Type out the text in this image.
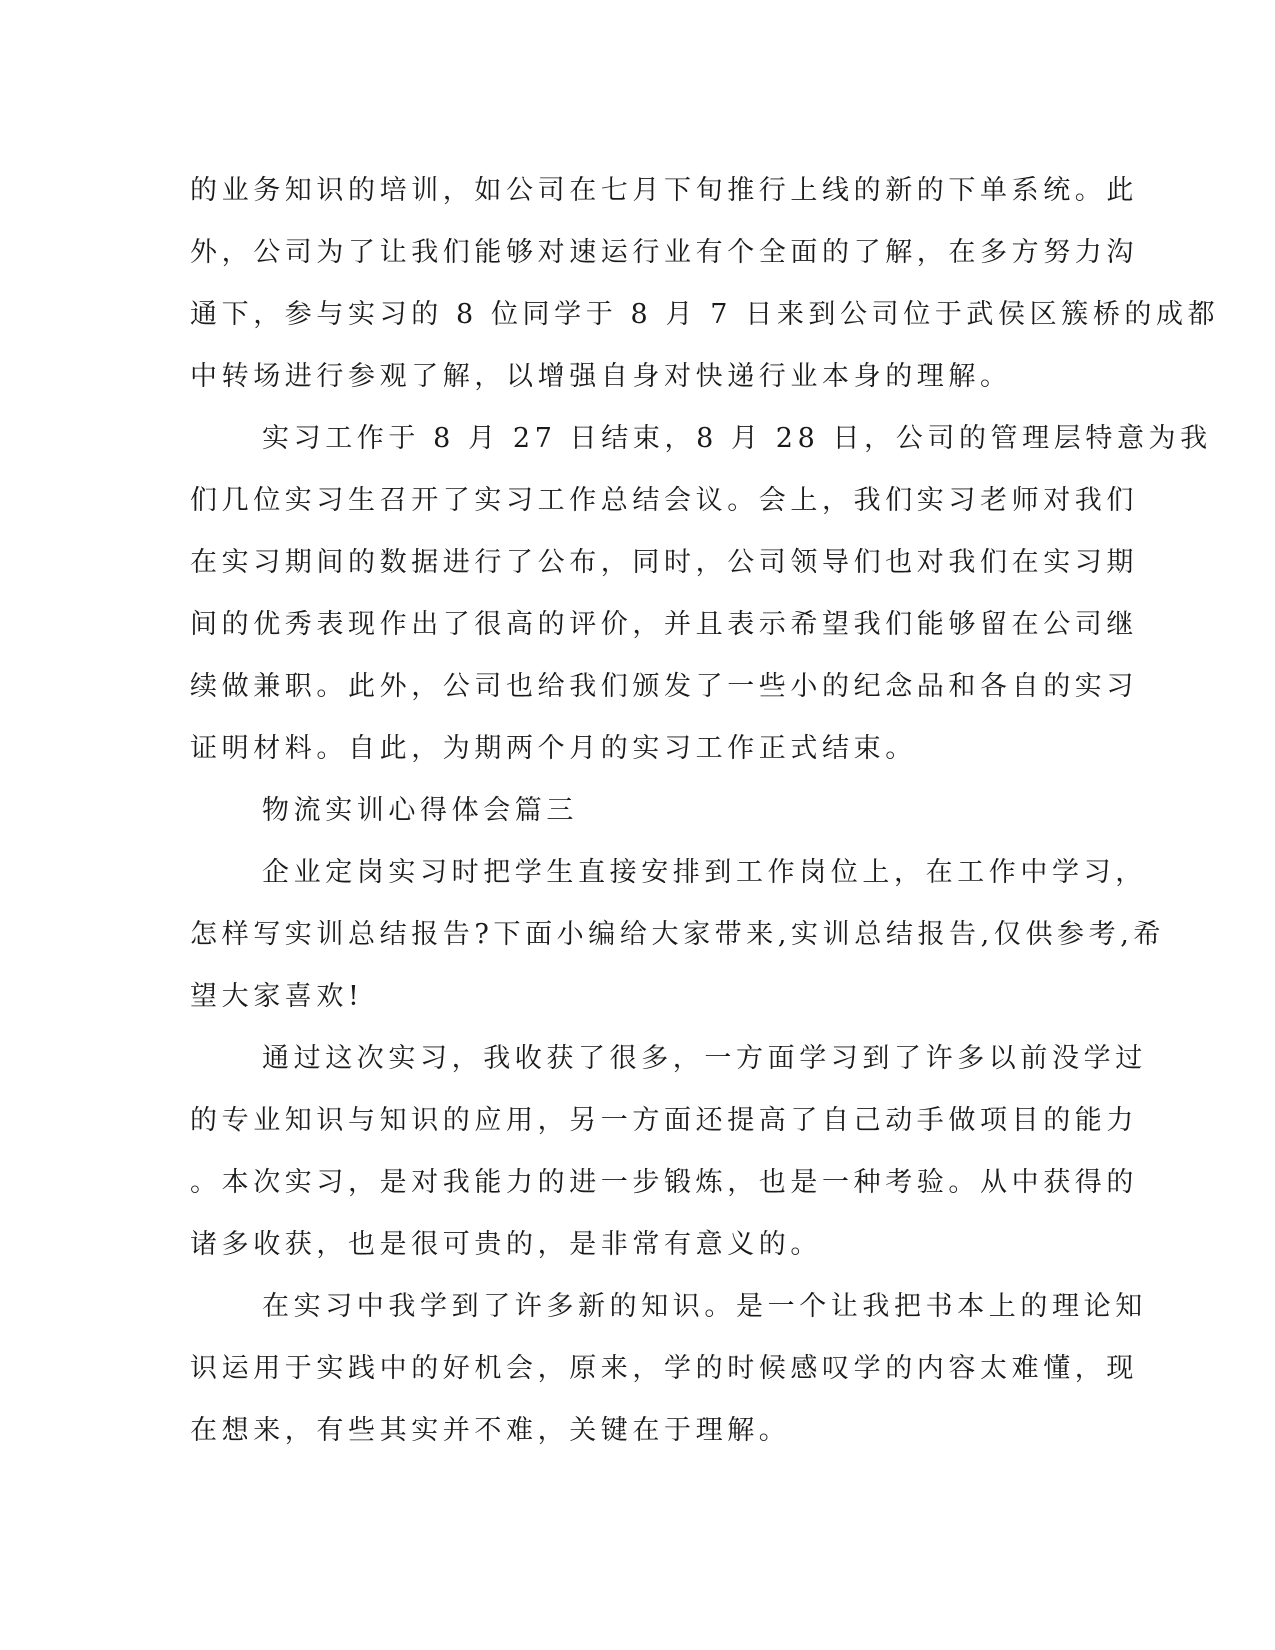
的业务知识的培训，如公司在七月下旬推行上线的新的下单系统。此
外，公司为了让我们能够对速运行业有个全面的了解，在多方努力沟
通下，参与实习的 8 位同学于 8 月 7 日来到公司位于武侯区簇桥的成都
中转场进行参观了解，以增强自身对快递行业本身的理解。
实习工作于 8 月 27 日结束，8 月 28 日，公司的管理层特意为我
们几位实习生召开了实习工作总结会议。会上，我们实习老师对我们
在实习期间的数据进行了公布，同时，公司领导们也对我们在实习期
间的优秀表现作出了很高的评价，并且表示希望我们能够留在公司继
续做兼职。此外，公司也给我们颁发了一些小的纪念品和各自的实习
证明材料。自此，为期两个月的实习工作正式结束。
物流实训心得体会篇三
企业定岗实习时把学生直接安排到工作岗位上，在工作中学习，
怎样写实训总结报告?下面小编给大家带来,实训总结报告,仅供参考,希
望大家喜欢!
通过这次实习，我收获了很多，一方面学习到了许多以前没学过
的专业知识与知识的应用，另一方面还提高了自己动手做项目的能力
。本次实习，是对我能力的进一步锻炼，也是一种考验。从中获得的
诸多收获，也是很可贵的，是非常有意义的。
在实习中我学到了许多新的知识。是一个让我把书本上的理论知
识运用于实践中的好机会，原来，学的时候感叹学的内容太难懂，现
在想来，有些其实并不难，关键在于理解。
